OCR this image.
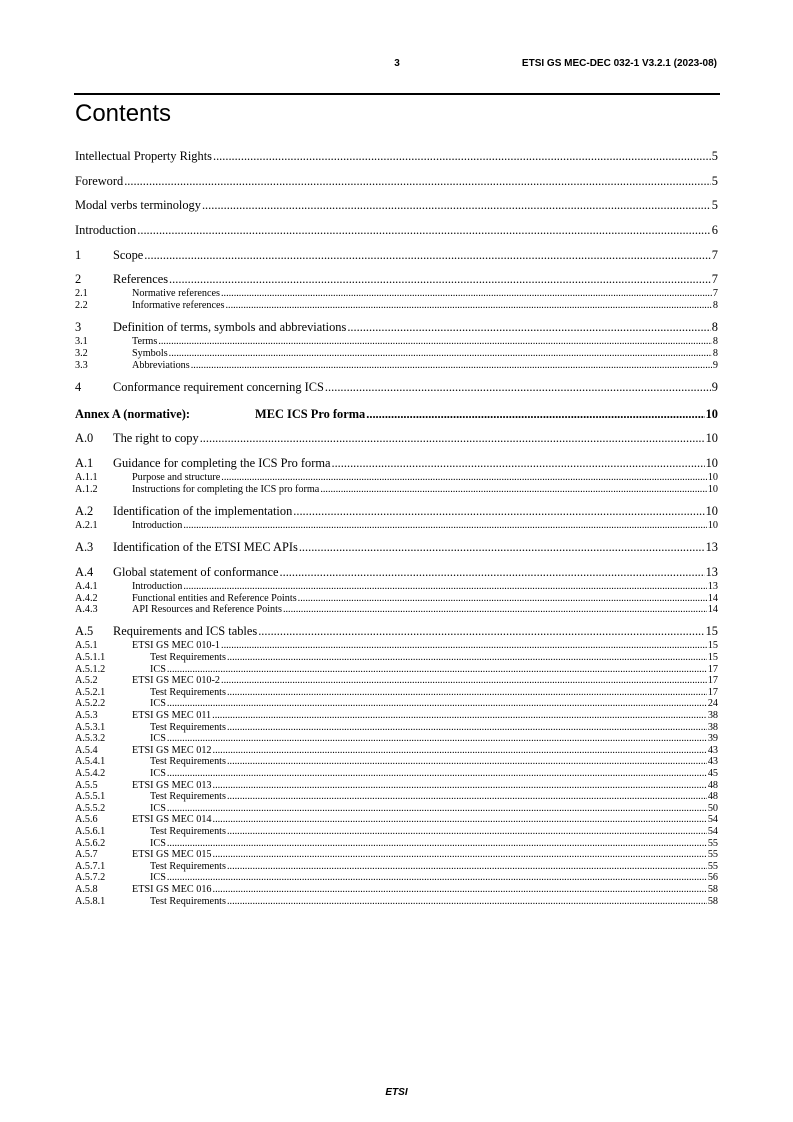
3	ETSI GS MEC-DEC 032-1 V3.2.1 (2023-08)
Contents
Intellectual Property Rights .....	5
Foreword .....	5
Modal verbs terminology .....	5
Introduction .....	6
1	Scope .....	7
2	References .....	7
2.1	Normative references .....	7
2.2	Informative references .....	8
3	Definition of terms, symbols and abbreviations .....	8
3.1	Terms .....	8
3.2	Symbols .....	8
3.3	Abbreviations .....	9
4	Conformance requirement concerning ICS .....	9
Annex A (normative):	MEC ICS Pro forma .....	10
A.0	The right to copy .....	10
A.1	Guidance for completing the ICS Pro forma .....	10
A.1.1	Purpose and structure .....	10
A.1.2	Instructions for completing the ICS pro forma .....	10
A.2	Identification of the implementation .....	10
A.2.1	Introduction .....	10
A.3	Identification of the ETSI MEC APIs .....	13
A.4	Global statement of conformance .....	13
A.4.1	Introduction .....	13
A.4.2	Functional entities and Reference Points .....	14
A.4.3	API Resources and Reference Points .....	14
A.5	Requirements and ICS tables .....	15
A.5.1	ETSI GS MEC 010-1 .....	15
A.5.1.1	Test Requirements .....	15
A.5.1.2	ICS .....	17
A.5.2	ETSI GS MEC 010-2 .....	17
A.5.2.1	Test Requirements .....	17
A.5.2.2	ICS .....	24
A.5.3	ETSI GS MEC 011 .....	38
A.5.3.1	Test Requirements .....	38
A.5.3.2	ICS .....	39
A.5.4	ETSI GS MEC 012 .....	43
A.5.4.1	Test Requirements .....	43
A.5.4.2	ICS .....	45
A.5.5	ETSI GS MEC 013 .....	48
A.5.5.1	Test Requirements .....	48
A.5.5.2	ICS .....	50
A.5.6	ETSI GS MEC 014 .....	54
A.5.6.1	Test Requirements .....	54
A.5.6.2	ICS .....	55
A.5.7	ETSI GS MEC 015 .....	55
A.5.7.1	Test Requirements .....	55
A.5.7.2	ICS .....	56
A.5.8	ETSI GS MEC 016 .....	58
A.5.8.1	Test Requirements .....	58
ETSI
